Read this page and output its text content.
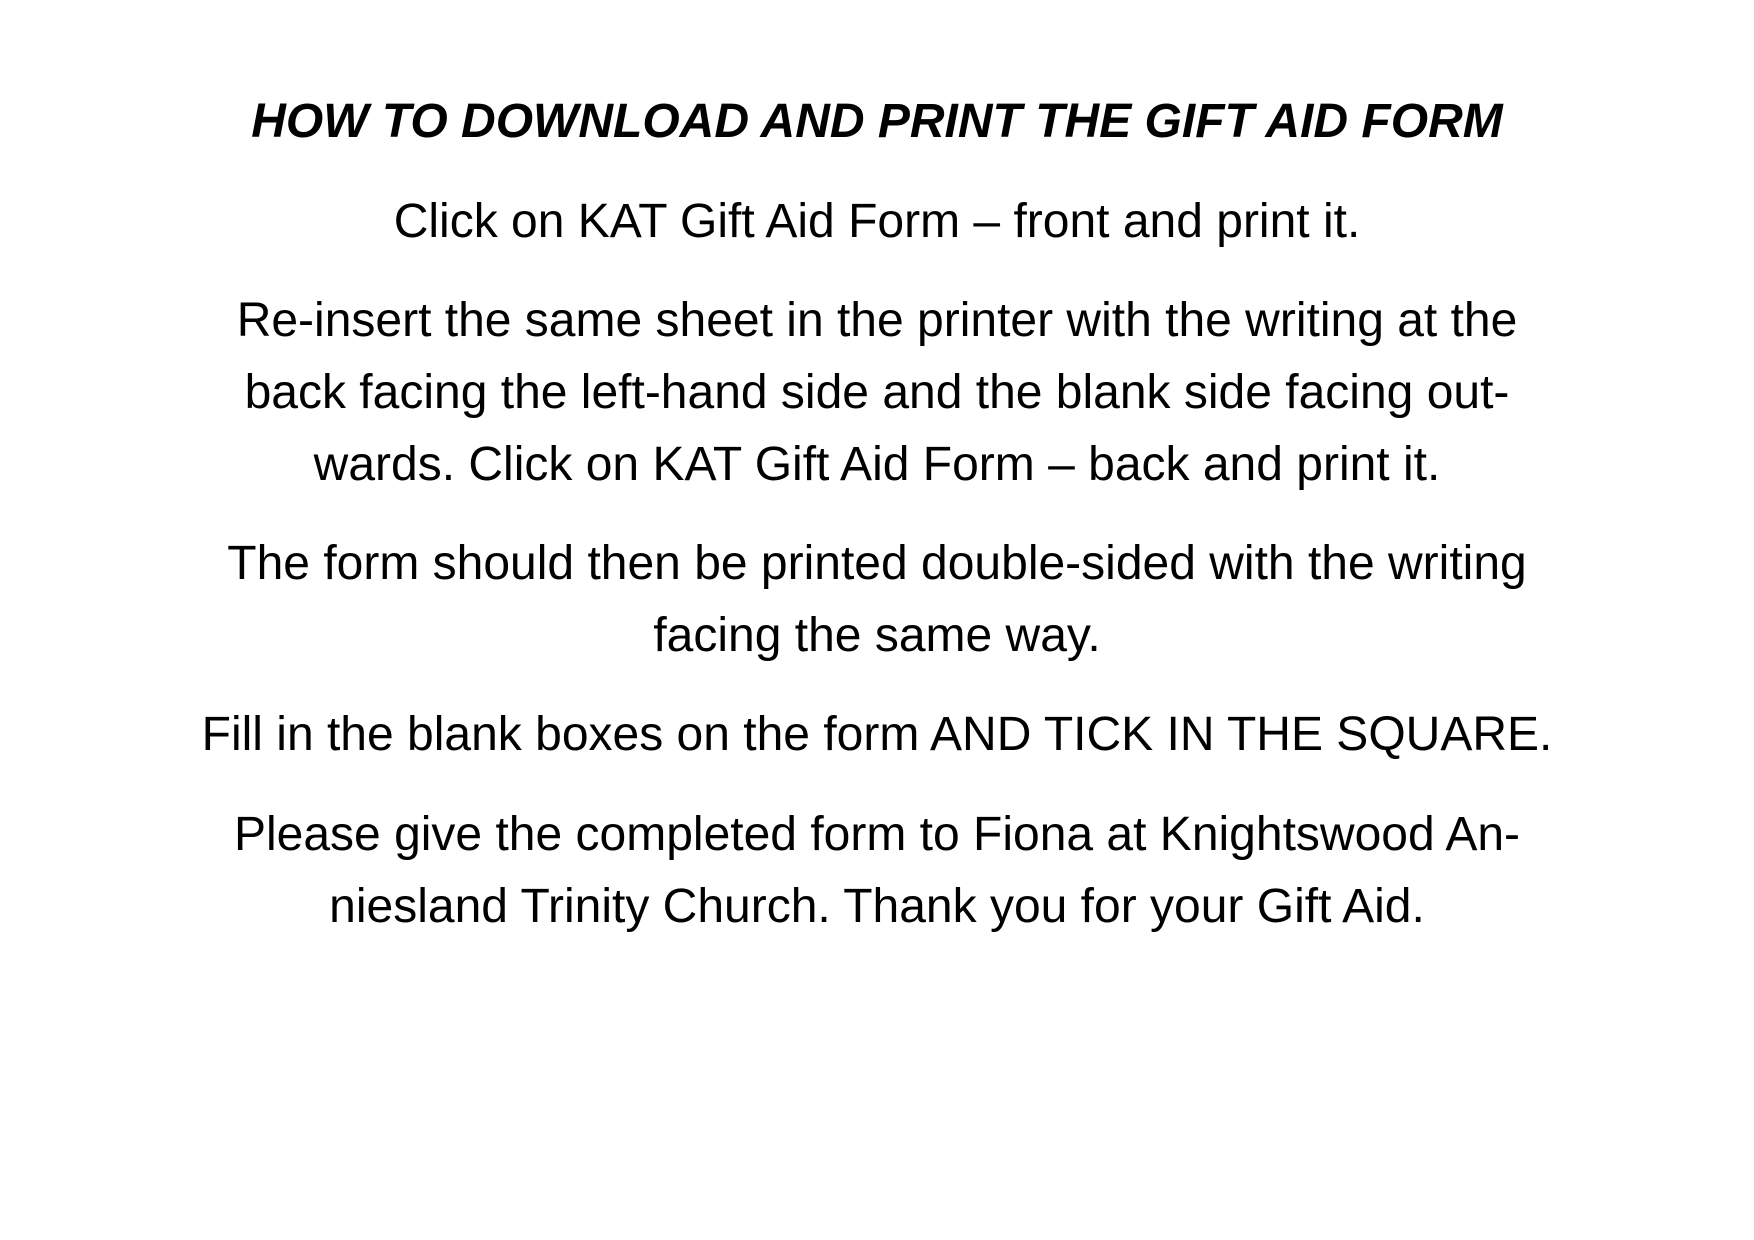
HOW TO DOWNLOAD AND PRINT THE GIFT AID FORM
Click on KAT Gift Aid Form – front and print it.
Re-insert the same sheet in the printer with the writing at the
back facing the left-hand side and the blank side facing out-
wards. Click on KAT Gift Aid Form – back and print it.
The form should then be printed double-sided with the writing
facing the same way.
Fill in the blank boxes on the form AND TICK IN THE SQUARE.
Please give the completed form to Fiona at Knightswood An-
niesland Trinity Church. Thank you for your Gift Aid.
